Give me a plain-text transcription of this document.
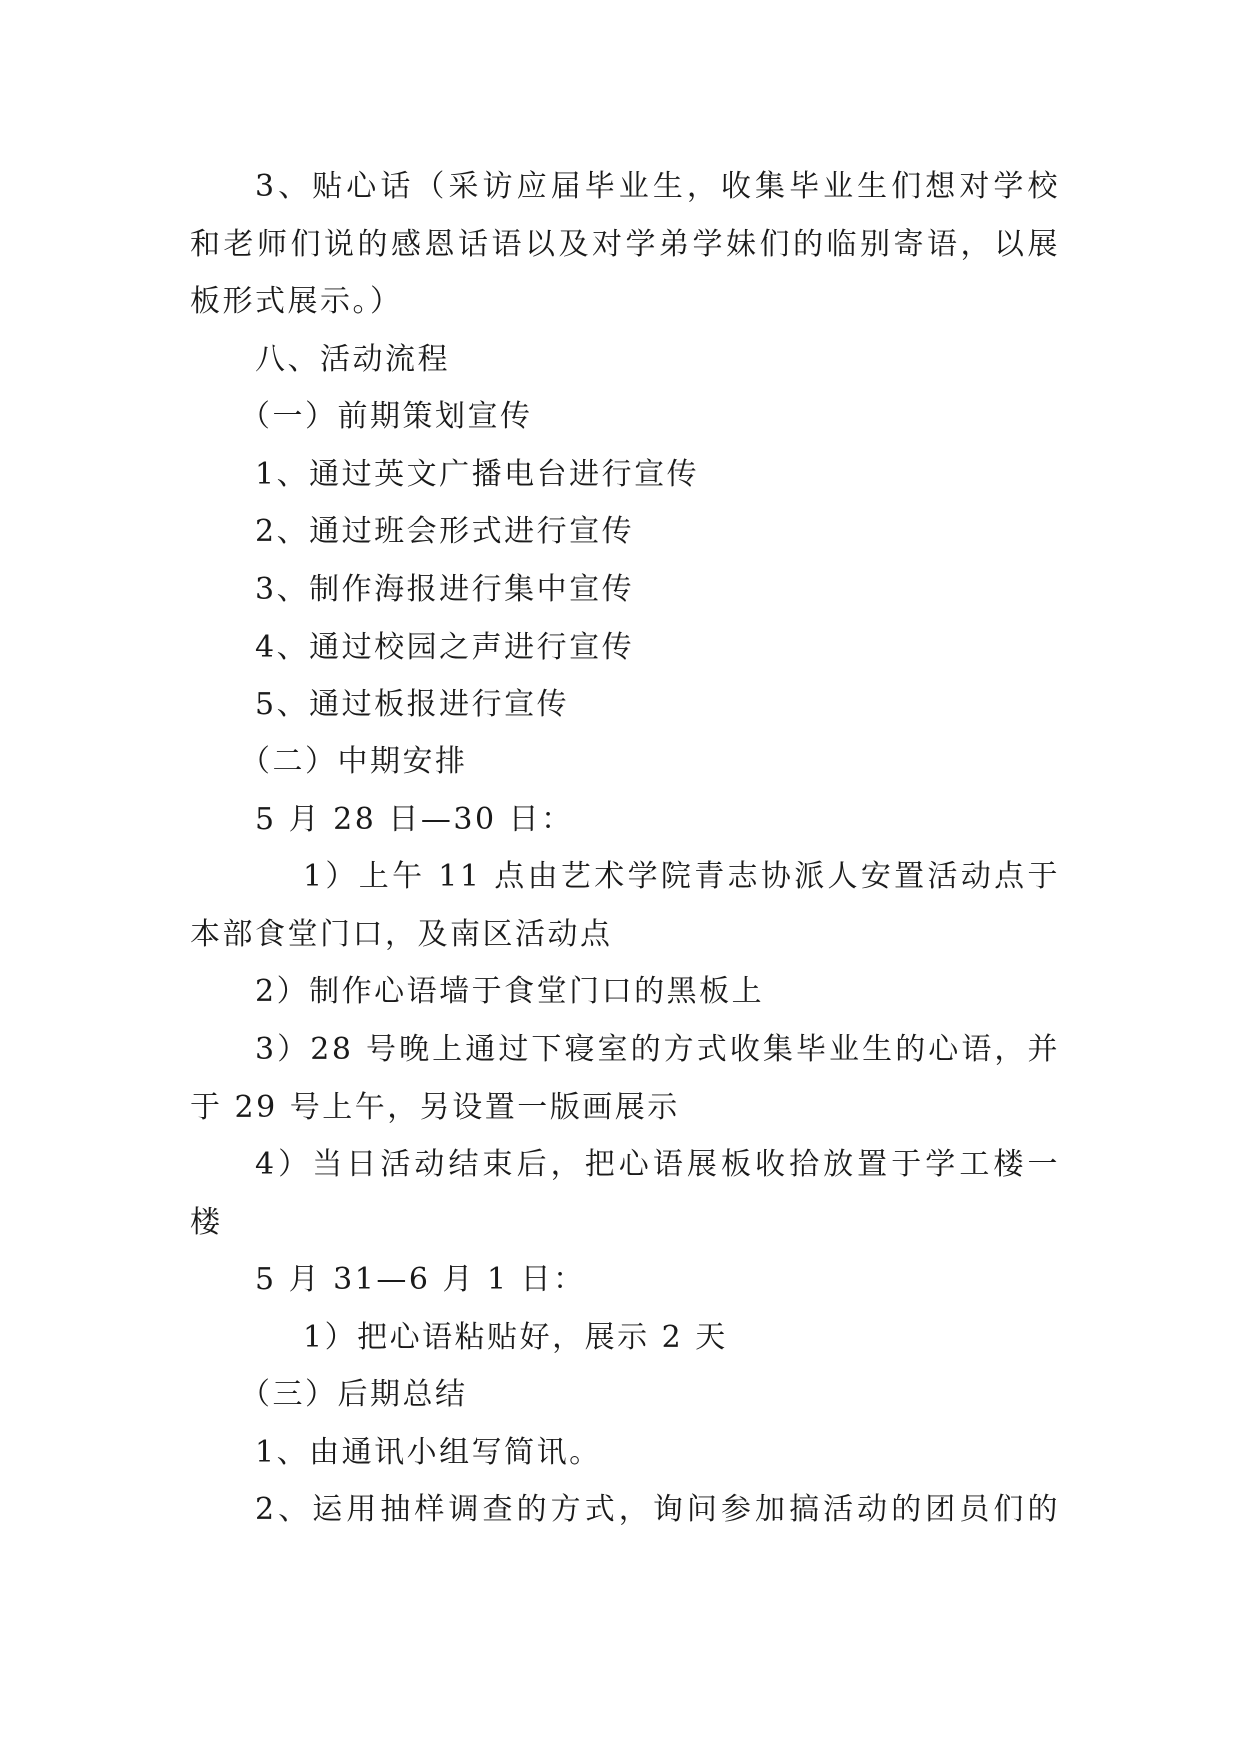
3、贴心话（采访应届毕业生，收集毕业生们想对学校
和老师们说的感恩话语以及对学弟学妹们的临别寄语，以展
板形式展示。）
八、活动流程
（一）前期策划宣传
1、通过英文广播电台进行宣传
2、通过班会形式进行宣传
3、制作海报进行集中宣传
4、通过校园之声进行宣传
5、通过板报进行宣传
（二）中期安排
5 月 28 日—30 日：
1）上午 11 点由艺术学院青志协派人安置活动点于
本部食堂门口，及南区活动点
2）制作心语墙于食堂门口的黑板上
3）28 号晚上通过下寝室的方式收集毕业生的心语，并
于 29 号上午，另设置一版画展示
4）当日活动结束后，把心语展板收拾放置于学工楼一
楼
5 月 31—6 月 1 日：
1）把心语粘贴好，展示 2 天
（三）后期总结
1、由通讯小组写简讯。
2、运用抽样调查的方式，询问参加搞活动的团员们的
